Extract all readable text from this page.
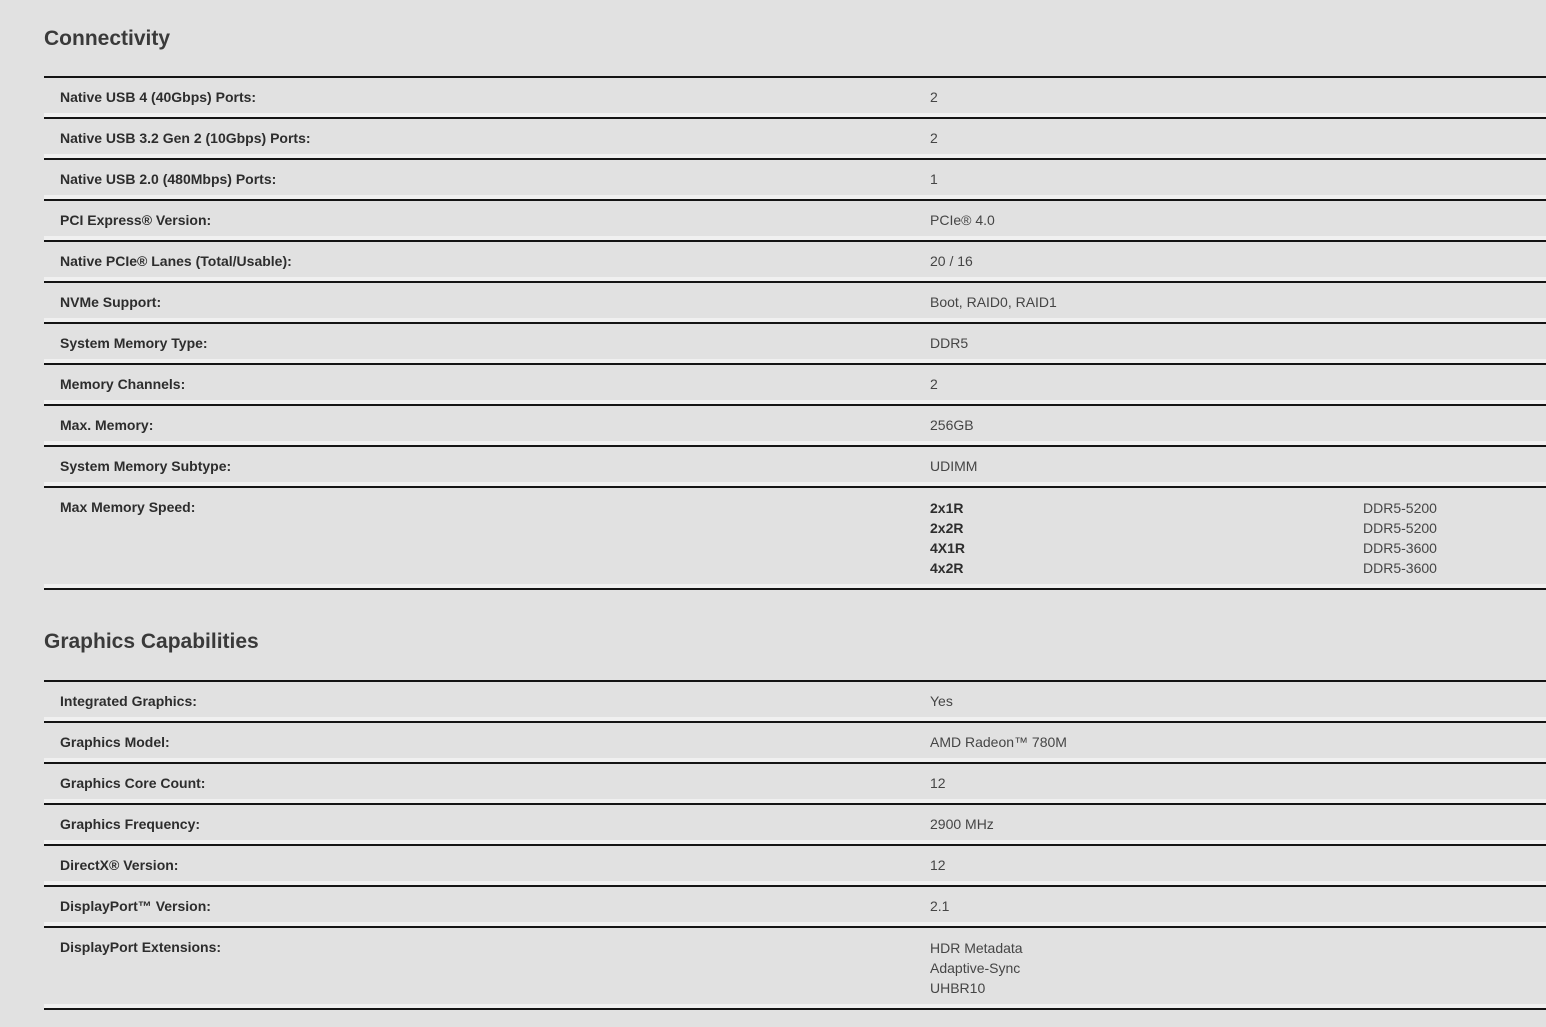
Connectivity
Native USB 4 (40Gbps) Ports:	2
Native USB 3.2 Gen 2 (10Gbps) Ports:	2
Native USB 2.0 (480Mbps) Ports:	1
PCI Express® Version:	PCIe® 4.0
Native PCIe® Lanes (Total/Usable):	20 / 16
NVMe Support:	Boot, RAID0, RAID1
System Memory Type:	DDR5
Memory Channels:	2
Max. Memory:	256GB
System Memory Subtype:	UDIMM
Max Memory Speed:	2x1R	DDR5-5200
2x2R	DDR5-5200
4X1R	DDR5-3600
4x2R	DDR5-3600
Graphics Capabilities
Integrated Graphics:	Yes
Graphics Model:	AMD Radeon™ 780M
Graphics Core Count:	12
Graphics Frequency:	2900 MHz
DirectX® Version:	12
DisplayPort™ Version:	2.1
DisplayPort Extensions:	HDR Metadata
Adaptive-Sync
UHBR10
